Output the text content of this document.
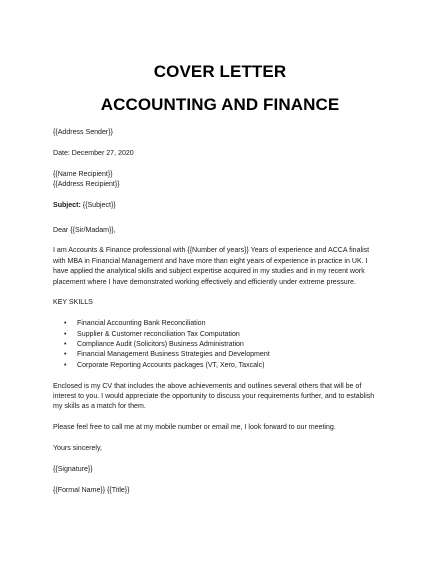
COVER LETTER
ACCOUNTING AND FINANCE

{{Address Sender}}

Date: December 27, 2020

{{Name Recipient}}

{{Address Recipient}}

Subject: {{Subject}}

Dear {{Sir/Madam}},

I am Accounts & Finance professional with {{Number of years}} Years of experience and ACCA finalist

with MBA in Financial Management and have more than eight years of experience in practice in UK. I

have applied the analytical skills and subject expertise acquired in my studies and in my recent work

placement where I have demonstrated working effectively and efficiently under extreme pressure.

KEY SKILLS

• Financial Accounting Bank Reconciliation
• Supplier & Customer reconciliation Tax Computation
• Compliance Audit (Solicitors) Business Administration
• Financial Management Business Strategies and Development
• Corporate Reporting Accounts packages (VT, Xero, Taxcalc)

Enclosed is my CV that includes the above achievements and outlines several others that will be of

interest to you. I would appreciate the opportunity to discuss your requirements further, and to establish

my skills as a match for them.

Please feel free to call me at my mobile number or email me, I look forward to our meeting.

Yours sincerely,

{{Signature}}

{{Formal Name}} {{Title}}
